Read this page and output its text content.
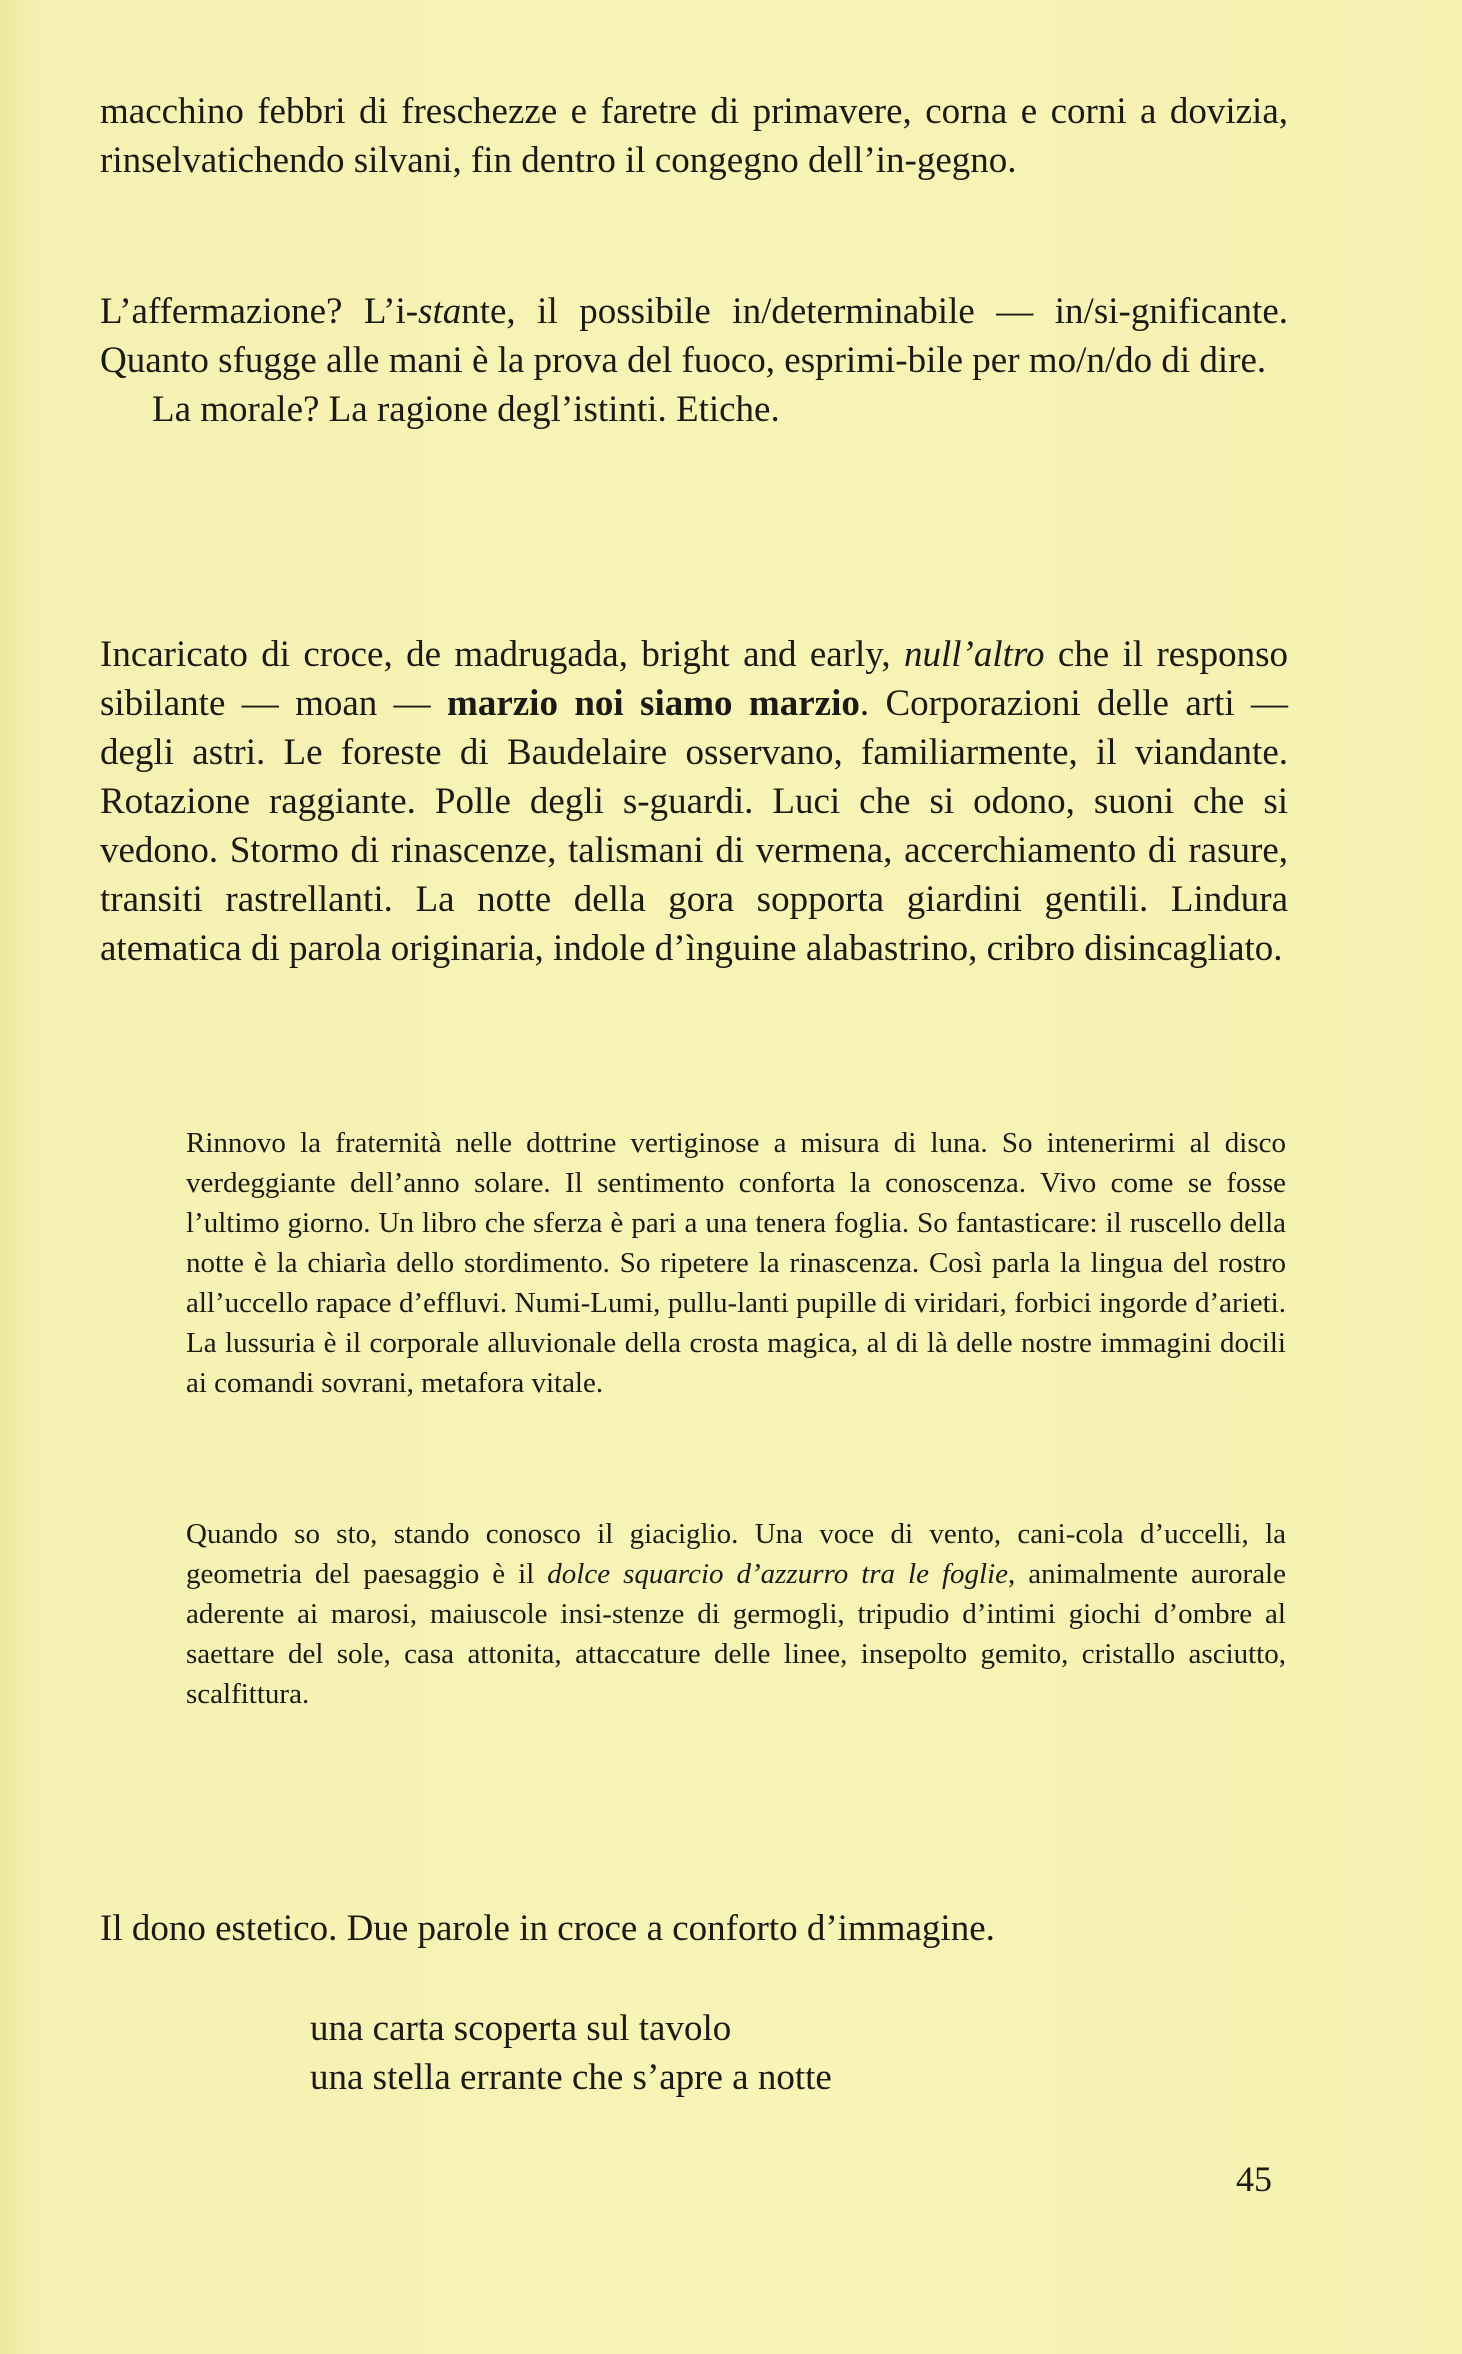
macchino febbri di freschezze e faretre di primavere, corna e corni a dovizia, rinselvatichendo silvani, fin dentro il congegno dell’in-gegno.

L’affermazione? L’i-stante, il possibile in/determinabile — in/si-gnificante. Quanto sfugge alle mani è la prova del fuoco, esprimi-bile per mo/n/do di dire.

La morale? La ragione degl’istinti. Etiche.

Incaricato di croce, de madrugada, bright and early, null’altro che il responso sibilante — moan — marzio noi siamo marzio. Corporazioni delle arti — degli astri. Le foreste di Baudelaire osservano, familiarmente, il viandante. Rotazione raggiante. Polle degli s-guardi. Luci che si odono, suoni che si vedono. Stormo di rinascenze, talismani di vermena, accerchiamento di rasure, transiti rastrellanti. La notte della gora sopporta giardini gentili. Lindura atematica di parola originaria, indole d’ìnguine alabastrino, cribro disincagliato.

Rinnovo la fraternità nelle dottrine vertiginose a misura di luna. So intenerirmi al disco verdeggiante dell’anno solare. Il sentimento conforta la conoscenza. Vivo come se fosse l’ultimo giorno. Un libro che sferza è pari a una tenera foglia. So fantasticare: il ruscello della notte è la chiarìa dello stordimento. So ripetere la rinascenza. Così parla la lingua del rostro all’uccello rapace d’effluvi. Numi-Lumi, pullu-lanti pupille di viridari, forbici ingorde d’arieti. La lussuria è il corporale alluvionale della crosta magica, al di là delle nostre immagini docili ai comandi sovrani, metafora vitale.

Quando so sto, stando conosco il giaciglio. Una voce di vento, cani-cola d’uccelli, la geometria del paesaggio è il dolce squarcio d’azzurro tra le foglie, animalmente aurorale aderente ai marosi, maiuscole insi-stenze di germogli, tripudio d’intimi giochi d’ombre al saettare del sole, casa attonita, attaccature delle linee, insepolto gemito, cristallo asciutto, scalfittura.

Il dono estetico. Due parole in croce a conforto d’immagine.

una carta scoperta sul tavolo

una stella errante che s’apre a notte

45
